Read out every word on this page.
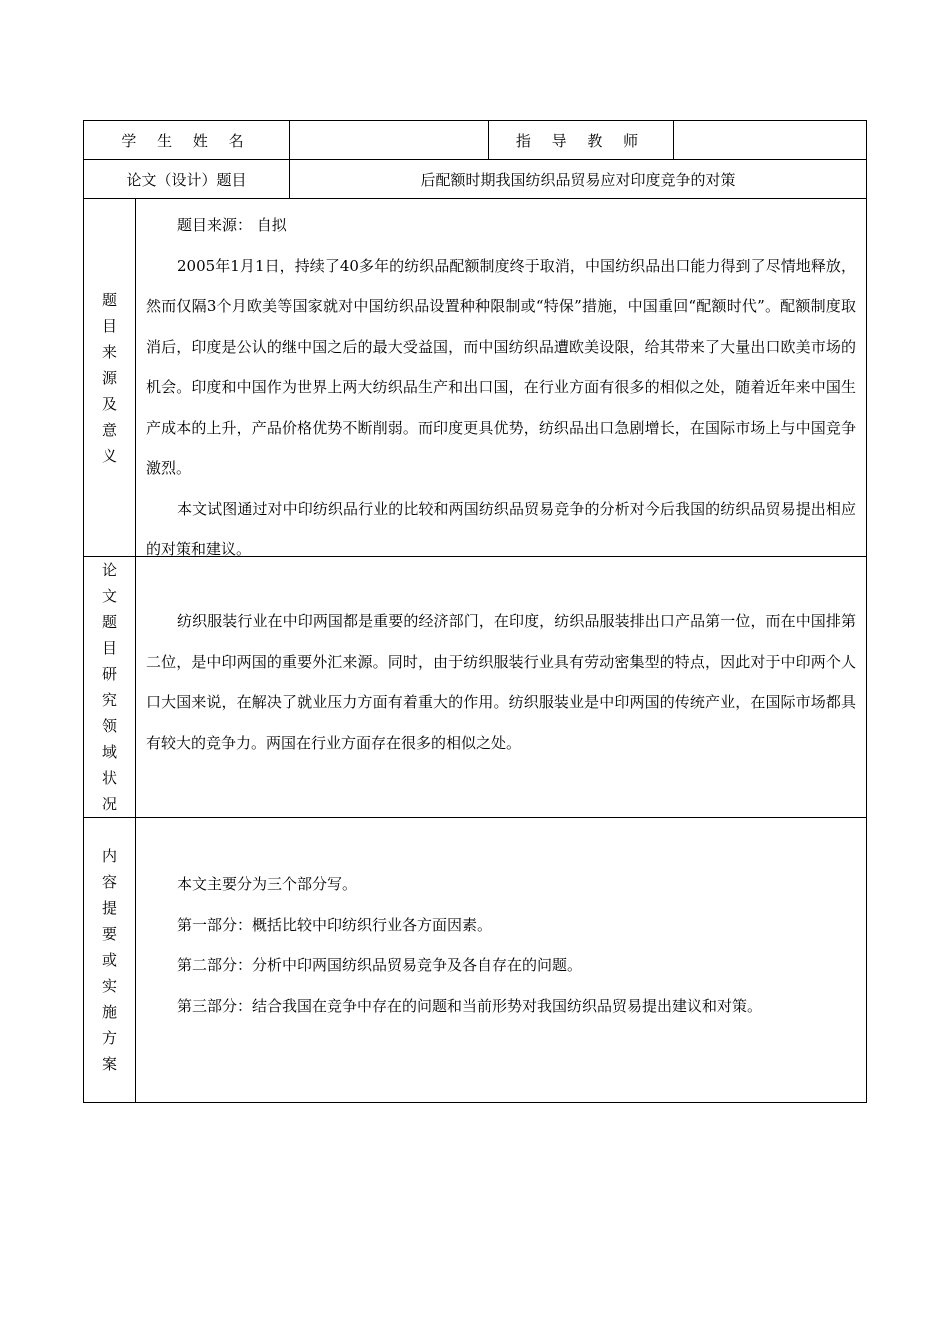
学 生 姓 名	指 导 教 师
论文（设计）题目	后配额时期我国纺织品贸易应对印度竞争的对策
题
目
来
源
及
意
义

题目来源： 自拟

2005年1月1日，持续了40多年的纺织品配额制度终于取消，中国纺织品出口能力得到了尽情地释放，然而仅隔3个月欧美等国家就对中国纺织品设置种种限制或“特保”措施，中国重回“配额时代”。配额制度取消后，印度是公认的继中国之后的最大受益国，而中国纺织品遭欧美设限，给其带来了大量出口欧美市场的机会。印度和中国作为世界上两大纺织品生产和出口国，在行业方面有很多的相似之处，随着近年来中国生产成本的上升，产品价格优势不断削弱。而印度更具优势，纺织品出口急剧增长，在国际市场上与中国竞争激烈。

本文试图通过对中印纺织品行业的比较和两国纺织品贸易竞争的分析对今后我国的纺织品贸易提出相应的对策和建议。

论
文
题
目
研
究
领
域
状
况

纺织服装行业在中印两国都是重要的经济部门，在印度，纺织品服装排出口产品第一位，而在中国排第二位，是中印两国的重要外汇来源。同时，由于纺织服装行业具有劳动密集型的特点，因此对于中印两个人口大国来说，在解决了就业压力方面有着重大的作用。纺织服装业是中印两国的传统产业，在国际市场都具有较大的竞争力。两国在行业方面存在很多的相似之处。

内
容
提
要
或
实
施
方
案

本文主要分为三个部分写。

第一部分：概括比较中印纺织行业各方面因素。

第二部分：分析中印两国纺织品贸易竞争及各自存在的问题。

第三部分：结合我国在竞争中存在的问题和当前形势对我国纺织品贸易提出建议和对策。
